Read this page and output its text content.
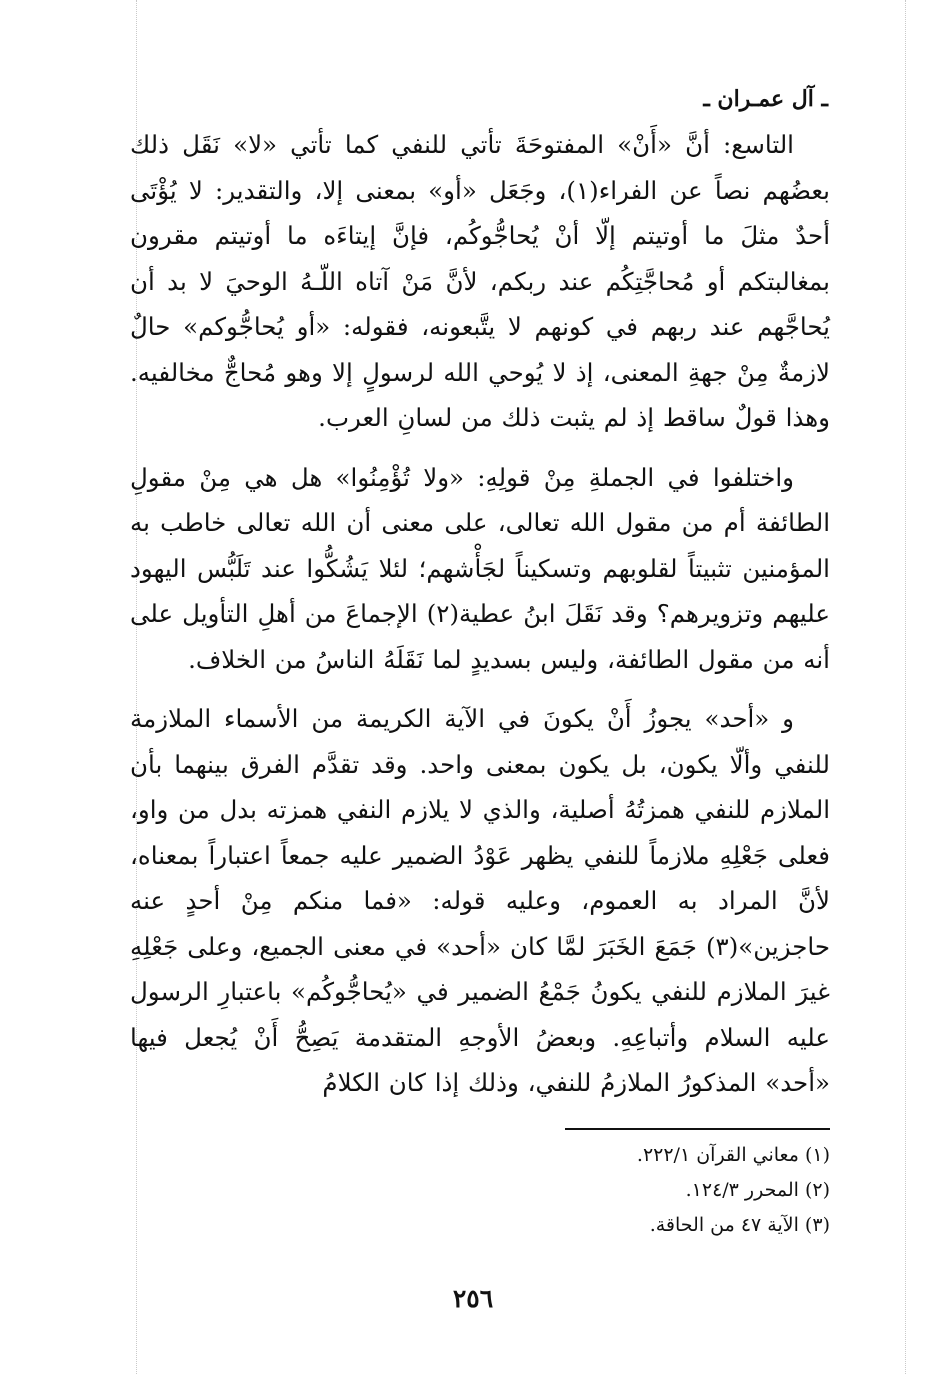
ـ آل عمـران ـ

التاسع: أنَّ «أَنْ» المفتوحَةَ تأتي للنفي كما تأتي «لا» نَقَل ذلك بعضُهم نصاً عن الفراء(١)، وجَعَل «أو» بمعنى إلا، والتقدير: لا يُؤْتَى أحدٌ مثلَ ما أوتيتم إلّا أنْ يُحاجُّوكُم، فإنَّ إيتاءَه ما أوتيتم مقرون بمغالبتكم أو مُحاجَّتِكُم عند ربكم، لأنَّ مَنْ آتاه اللّـهُ الوحيَ لا بد أن يُحاجَّهم عند ربهم في كونهم لا يتَّبعونه، فقوله: «أو يُحاجُّوكم» حالٌ لازمةٌ مِنْ جهةِ المعنى، إذ لا يُوحي الله لرسولٍ إلا وهو مُحاجٌّ مخالفيه. وهذا قولٌ ساقط إذ لم يثبت ذلك من لسانِ العرب.

واختلفوا في الجملةِ مِنْ قولِهِ: «ولا تُؤْمِنُوا» هل هي مِنْ مقولِ الطائفة أم من مقول الله تعالى، على معنى أن الله تعالى خاطب به المؤمنين تثبيتاً لقلوبهم وتسكيناً لجَأْشهم؛ لئلا يَشُكُّوا عند تَلَبُّس اليهود عليهم وتزويرهم؟ وقد نَقَلَ ابنُ عطية(٢) الإجماعَ من أهلِ التأويل على أنه من مقول الطائفة، وليس بسديدٍ لما نَقَلَهُ الناسُ من الخلاف.

و «أحد» يجوزُ أَنْ يكونَ في الآية الكريمة من الأسماء الملازمة للنفي وألّا يكون، بل يكون بمعنى واحد. وقد تقدَّم الفرق بينهما بأن الملازم للنفي همزتُهُ أصلية، والذي لا يلازم النفي همزته بدل من واو، فعلى جَعْلِهِ ملازماً للنفي يظهر عَوْدُ الضمير عليه جمعاً اعتباراً بمعناه، لأنَّ المراد به العموم، وعليه قوله: «فما منكم مِنْ أحدٍ عنه حاجزين»(٣) جَمَعَ الخَبَرَ لمَّا كان «أحد» في معنى الجميع، وعلى جَعْلِهِ غيرَ الملازم للنفي يكونُ جَمْعُ الضمير في «يُحاجُّوكُم» باعتبارِ الرسول عليه السلام وأتباعِهِ. وبعضُ الأوجهِ المتقدمة يَصِحُّ أَنْ يُجعل فيها «أحد» المذكورُ الملازمُ للنفي، وذلك إذا كان الكلامُ

(١) معاني القرآن ٢٢٢/١.
(٢) المحرر ١٢٤/٣.
(٣) الآية ٤٧ من الحاقة.
٢٥٦
